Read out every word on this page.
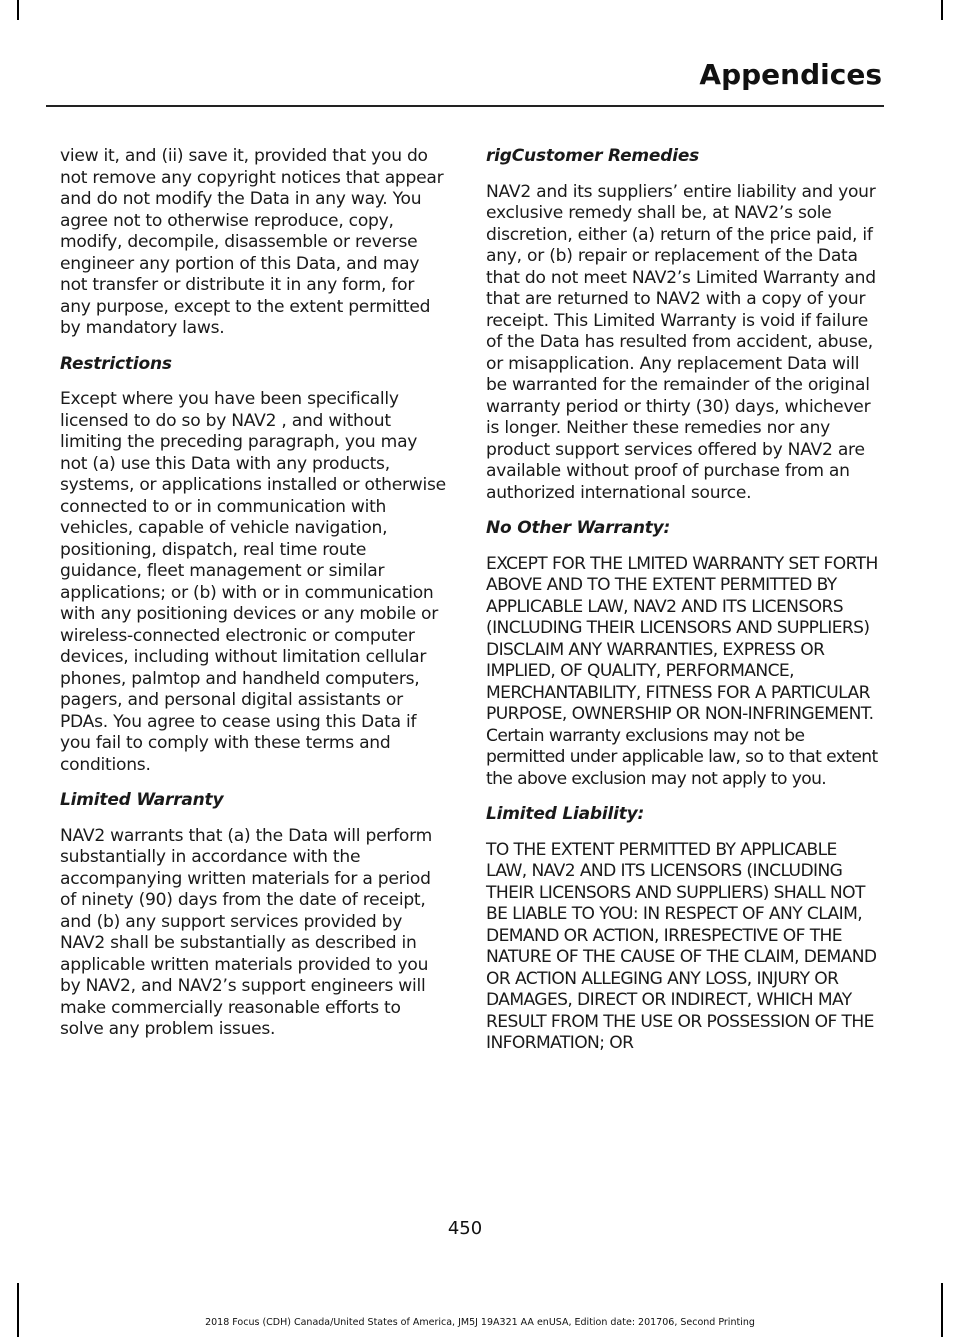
Appendices

view it, and (ii) save it, provided that you do not remove any copyright notices that appear and do not modify the Data in any way. You agree not to otherwise reproduce, copy, modify, decompile, disassemble or reverse engineer any portion of this Data, and may not transfer or distribute it in any form, for any purpose, except to the extent permitted by mandatory laws.

Restrictions

Except where you have been specifically licensed to do so by NAV2 , and without limiting the preceding paragraph, you may not (a) use this Data with any products, systems, or applications installed or otherwise connected to or in communication with vehicles, capable of vehicle navigation, positioning, dispatch, real time route guidance, fleet management or similar applications; or (b) with or in communication with any positioning devices or any mobile or wireless-connected electronic or computer devices, including without limitation cellular phones, palmtop and handheld computers, pagers, and personal digital assistants or PDAs. You agree to cease using this Data if you fail to comply with these terms and conditions.

Limited Warranty

NAV2 warrants that (a) the Data will perform substantially in accordance with the accompanying written materials for a period of ninety (90) days from the date of receipt, and (b) any support services provided by NAV2 shall be substantially as described in applicable written materials provided to you by NAV2, and NAV2’s support engineers will make commercially reasonable efforts to solve any problem issues.

rigCustomer Remedies

NAV2 and its suppliers’ entire liability and your exclusive remedy shall be, at NAV2’s sole discretion, either (a) return of the price paid, if any, or (b) repair or replacement of the Data that do not meet NAV2’s Limited Warranty and that are returned to NAV2 with a copy of your receipt. This Limited Warranty is void if failure of the Data has resulted from accident, abuse, or misapplication. Any replacement Data will be warranted for the remainder of the original warranty period or thirty (30) days, whichever is longer. Neither these remedies nor any product support services offered by NAV2 are available without proof of purchase from an authorized international source.

No Other Warranty:

EXCEPT FOR THE LMITED WARRANTY SET FORTH ABOVE AND TO THE EXTENT PERMITTED BY APPLICABLE LAW, NAV2 AND ITS LICENSORS (INCLUDING THEIR LICENSORS AND SUPPLIERS) DISCLAIM ANY WARRANTIES, EXPRESS OR IMPLIED, OF QUALITY, PERFORMANCE, MERCHANTABILITY, FITNESS FOR A PARTICULAR PURPOSE, OWNERSHIP OR NON-INFRINGEMENT. Certain warranty exclusions may not be permitted under applicable law, so to that extent the above exclusion may not apply to you.

Limited Liability:

TO THE EXTENT PERMITTED BY APPLICABLE LAW, NAV2 AND ITS LICENSORS (INCLUDING THEIR LICENSORS AND SUPPLIERS) SHALL NOT BE LIABLE TO YOU: IN RESPECT OF ANY CLAIM, DEMAND OR ACTION, IRRESPECTIVE OF THE NATURE OF THE CAUSE OF THE CLAIM, DEMAND OR ACTION ALLEGING ANY LOSS, INJURY OR DAMAGES, DIRECT OR INDIRECT, WHICH MAY RESULT FROM THE USE OR POSSESSION OF THE INFORMATION; OR

450
2018 Focus (CDH) Canada/United States of America, JM5J 19A321 AA enUSA, Edition date: 201706, Second Printing
